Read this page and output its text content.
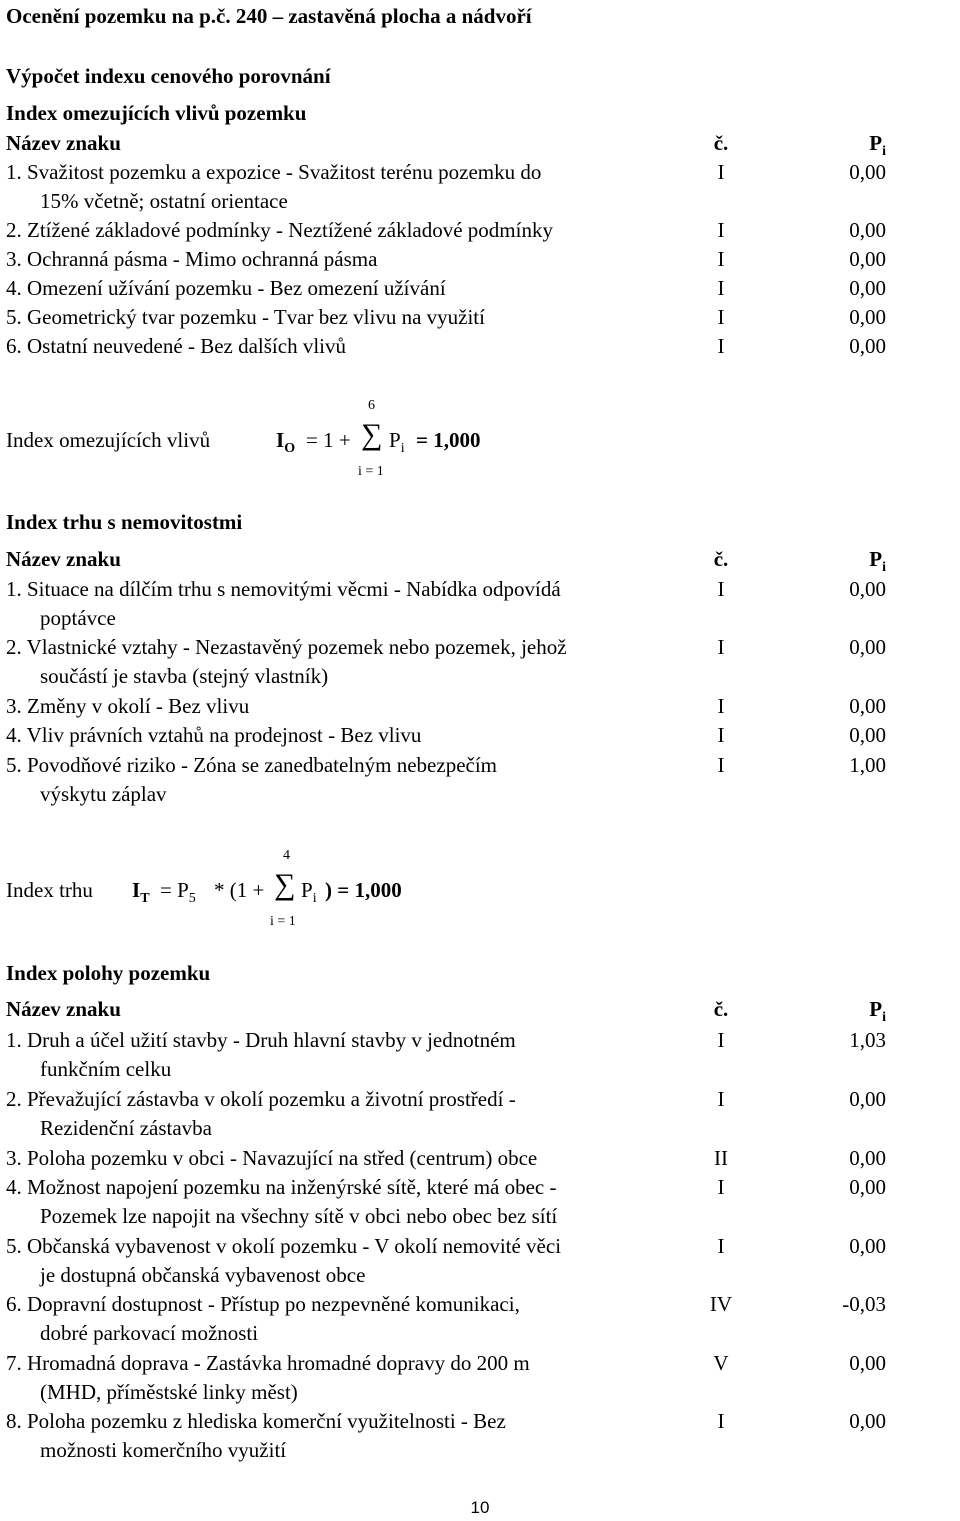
Ocenění pozemku na p.č. 240 – zastavěná plocha a nádvoří
Výpočet indexu cenového porovnání
Index omezujících vlivů pozemku
Název znaku	č.	$P_i$
1. Svažitost pozemku a expozice - Svažitost terénu pozemku do	I	0,00
15% včetně; ostatní orientace
2. Ztížené základové podmínky - Neztížené základové podmínky	I	0,00
3. Ochranná pásma - Mimo ochranná pásma	I	0,00
4. Omezení užívání pozemku - Bez omezení užívání	I	0,00
5. Geometrický tvar pozemku - Tvar bez vlivu na využití	I	0,00
6. Ostatní neuvedené - Bez dalších vlivů	I	0,00
Index omezujících vlivů	$I_O = 1$ +
6
∑
i = 1
$P_i = 1,000$
Index trhu s nemovitostmi
Název znaku	č.	$P_i$
1. Situace na dílčím trhu s nemovitými věcmi - Nabídka odpovídá	I	0,00
poptávce
2. Vlastnické vztahy - Nezastavěný pozemek nebo pozemek, jehož	I	0,00
součástí je stavba (stejný vlastník)
3. Změny v okolí - Bez vlivu	I	0,00
4. Vliv právních vztahů na prodejnost - Bez vlivu	I	0,00
5. Povodňové riziko - Zóna se zanedbatelným nebezpečím	I	1,00
výskytu záplav
Index trhu $I_T = P_5 * (1$ +
4
∑
i = 1
$P_i$ ) = 1,000
Index polohy pozemku
Název znaku	č.	$P_i$
1. Druh a účel užití stavby - Druh hlavní stavby v jednotném	I	1,03
funkčním celku
2. Převažující zástavba v okolí pozemku a životní prostředí -	I	0,00
Rezidenční zástavba
3. Poloha pozemku v obci - Navazující na střed (centrum) obce	II	0,00
4. Možnost napojení pozemku na inženýrské sítě, které má obec -	I	0,00
Pozemek lze napojit na všechny sítě v obci nebo obec bez sítí
5. Občanská vybavenost v okolí pozemku - V okolí nemovité věci	I	0,00
je dostupná občanská vybavenost obce
6. Dopravní dostupnost - Přístup po nezpevněné komunikaci,	IV	-0,03
dobré parkovací možnosti
7. Hromadná doprava - Zastávka hromadné dopravy do 200 m	V	0,00
(MHD, příměstské linky měst)
8. Poloha pozemku z hlediska komerční využitelnosti - Bez	I	0,00
možnosti komerčního využití
10
